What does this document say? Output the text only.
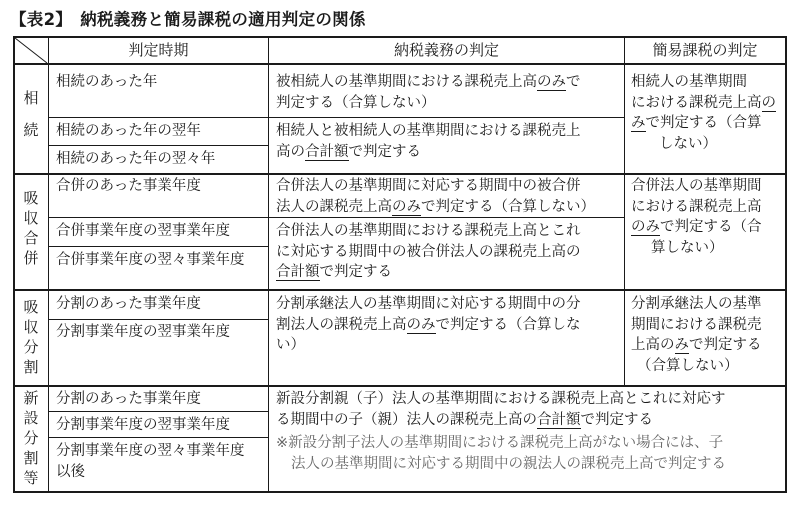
【表2】 納税義務と簡易課税の適用判定の関係
判定時期	納税義務の判定	簡易課税の判定
相
続
相続のあった年
相続のあった年の翌年
相続のあった年の翌々年
被相続人の基準期間における課税売上高のみで
判定する（合算しない）
相続人と被相続人の基準期間における課税売上
高の合計額で判定する
相続人の基準期間
における課税売上高の
みで判定する（合算
しない）
吸
収
合
併
合併のあった事業年度
合併事業年度の翌事業年度
合併事業年度の翌々事業年度
合併法人の基準期間に対応する期間中の被合併
法人の課税売上高のみで判定する（合算しない）
合併法人の基準期間における課税売上高とこれ
に対応する期間中の被合併法人の課税売上高の
合計額で判定する
合併法人の基準期間
における課税売上高
のみで判定する（合
算しない）
吸
収
分
割
分割のあった事業年度
分割事業年度の翌事業年度
分割承継法人の基準期間に対応する期間中の分
割法人の課税売上高のみで判定する（合算しな
い）
分割承継法人の基準
期間における課税売
上高のみで判定する
（合算しない）
新
設
分
割
等
分割のあった事業年度
分割事業年度の翌事業年度
分割事業年度の翌々事業年度
以後
新設分割親（子）法人の基準期間における課税売上高とこれに対応す
る期間中の子（親）法人の課税売上高の合計額で判定する
※新設分割子法人の基準期間における課税売上高がない場合には、子
法人の基準期間に対応する期間中の親法人の課税売上高で判定する
